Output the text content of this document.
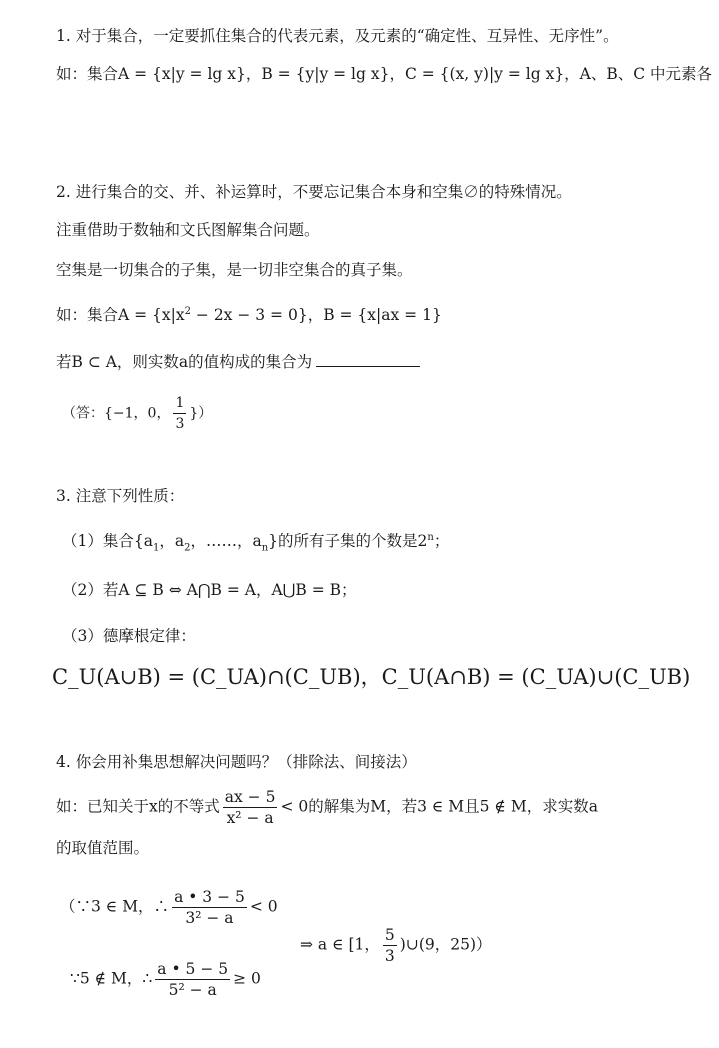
1. 对于集合，一定要抓住集合的代表元素，及元素的“确定性、互异性、无序性”。
如：集合A = {x|y = lg x}，B = {y|y = lg x}，C = {(x, y)|y = lg x}，A、B、C 中元素各
2. 进行集合的交、并、补运算时，不要忘记集合本身和空集∅的特殊情况。
注重借助于数轴和文氏图解集合问题。
空集是一切集合的子集，是一切非空集合的真子集。
如：集合$A = \{x|x^2 - 2x - 3 = 0\}$，B = {x|ax = 1}
若B ⊂ A，则实数a的值构成的集合为
（答：{−1，0， $\frac{1}{3}$ }）
3. 注意下列性质：
（1）集合{$a_1$，$a_2$，……，$a_n$}的所有子集的个数是2$^n$；
（2）若A ⊆ B ⇔ A⋂B = A，A⋃B = B；
（3）德摩根定律：
C_U(A∪B) = (C_UA)∩(C_UB)，C_U(A∩B) = (C_UA)∪(C_UB)
4. 你会用补集思想解决问题吗？（排除法、间接法）
如：已知关于x的不等式 $\frac{ax - 5}{\text{x² − a}} < 0$的解集为M，若3 ∈ M且5 ∉ M，求实数a
的取值范围。
（∵3 ∈ M，∴ $\frac{a • 3 - 5}{\text{3² − a}} < 0$
⇒ a ∈ [1， $\frac{5}{3}$ )∪(9，25)）
∵5 ∉ M，∴ $\frac{a • 5 - 5}{\text{5² − a}} \ge 0$
